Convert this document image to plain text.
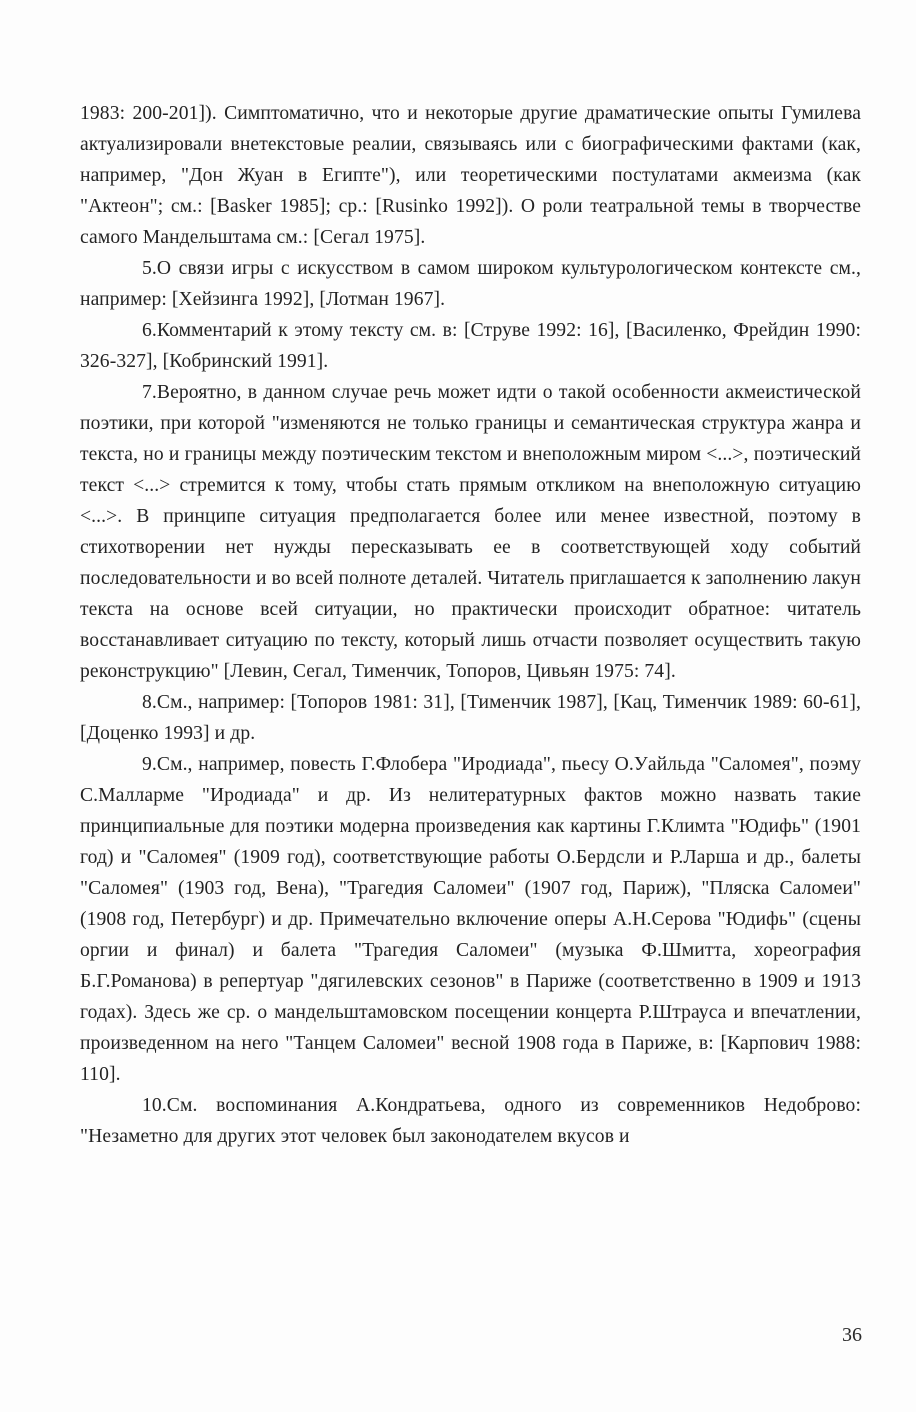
1983: 200-201]). Симптоматично, что и некоторые другие драматические опыты Гумилева актуализировали внетекстовые реалии, связываясь или с биографическими фактами (как, например, "Дон Жуан в Египте"), или теоретическими постулатами акмеизма (как "Актеон"; см.: [Basker 1985]; ср.: [Rusinko 1992]). О роли театральной темы в творчестве самого Мандельштама см.: [Сегал 1975].

5.О связи игры с искусством в самом широком культурологическом контексте см., например: [Хейзинга 1992], [Лотман 1967].

6.Комментарий к этому тексту см. в: [Струве 1992: 16], [Василенко, Фрейдин 1990: 326-327], [Кобринский 1991].

7.Вероятно, в данном случае речь может идти о такой особенности акмеистической поэтики, при которой "изменяются не только границы и семантическая структура жанра и текста, но и границы между поэтическим текстом и внеположным миром <...>, поэтический текст <...> стремится к тому, чтобы стать прямым откликом на внеположную ситуацию <...>. В принципе ситуация предполагается более или менее известной, поэтому в стихотворении нет нужды пересказывать ее в соответствующей ходу событий последовательности и во всей полноте деталей. Читатель приглашается к заполнению лакун текста на основе всей ситуации, но практически происходит обратное: читатель восстанавливает ситуацию по тексту, который лишь отчасти позволяет осуществить такую реконструкцию" [Левин, Сегал, Тименчик, Топоров, Цивьян 1975: 74].

8.См., например: [Топоров 1981: 31], [Тименчик 1987], [Кац, Тименчик 1989: 60-61], [Доценко 1993] и др.

9.См., например, повесть Г.Флобера "Иродиада", пьесу О.Уайльда "Саломея", поэму С.Малларме "Иродиада" и др. Из нелитературных фактов можно назвать такие принципиальные для поэтики модерна произведения как картины Г.Климта "Юдифь" (1901 год) и "Саломея" (1909 год), соответствующие работы О.Бердсли и Р.Ларша и др., балеты "Саломея" (1903 год, Вена), "Трагедия Саломеи" (1907 год, Париж), "Пляска Саломеи" (1908 год, Петербург) и др. Примечательно включение оперы А.Н.Серова "Юдифь" (сцены оргии и финал) и балета "Трагедия Саломеи" (музыка Ф.Шмитта, хореография Б.Г.Романова) в репертуар "дягилевских сезонов" в Париже (соответственно в 1909 и 1913 годах). Здесь же ср. о мандельштамовском посещении концерта Р.Штрауса и впечатлении, произведенном на него "Танцем Саломеи" весной 1908 года в Париже, в: [Карпович 1988: 110].

10.См. воспоминания А.Кондратьева, одного из современников Недоброво: "Незаметно для других этот человек был законодателем вкусов и

36
